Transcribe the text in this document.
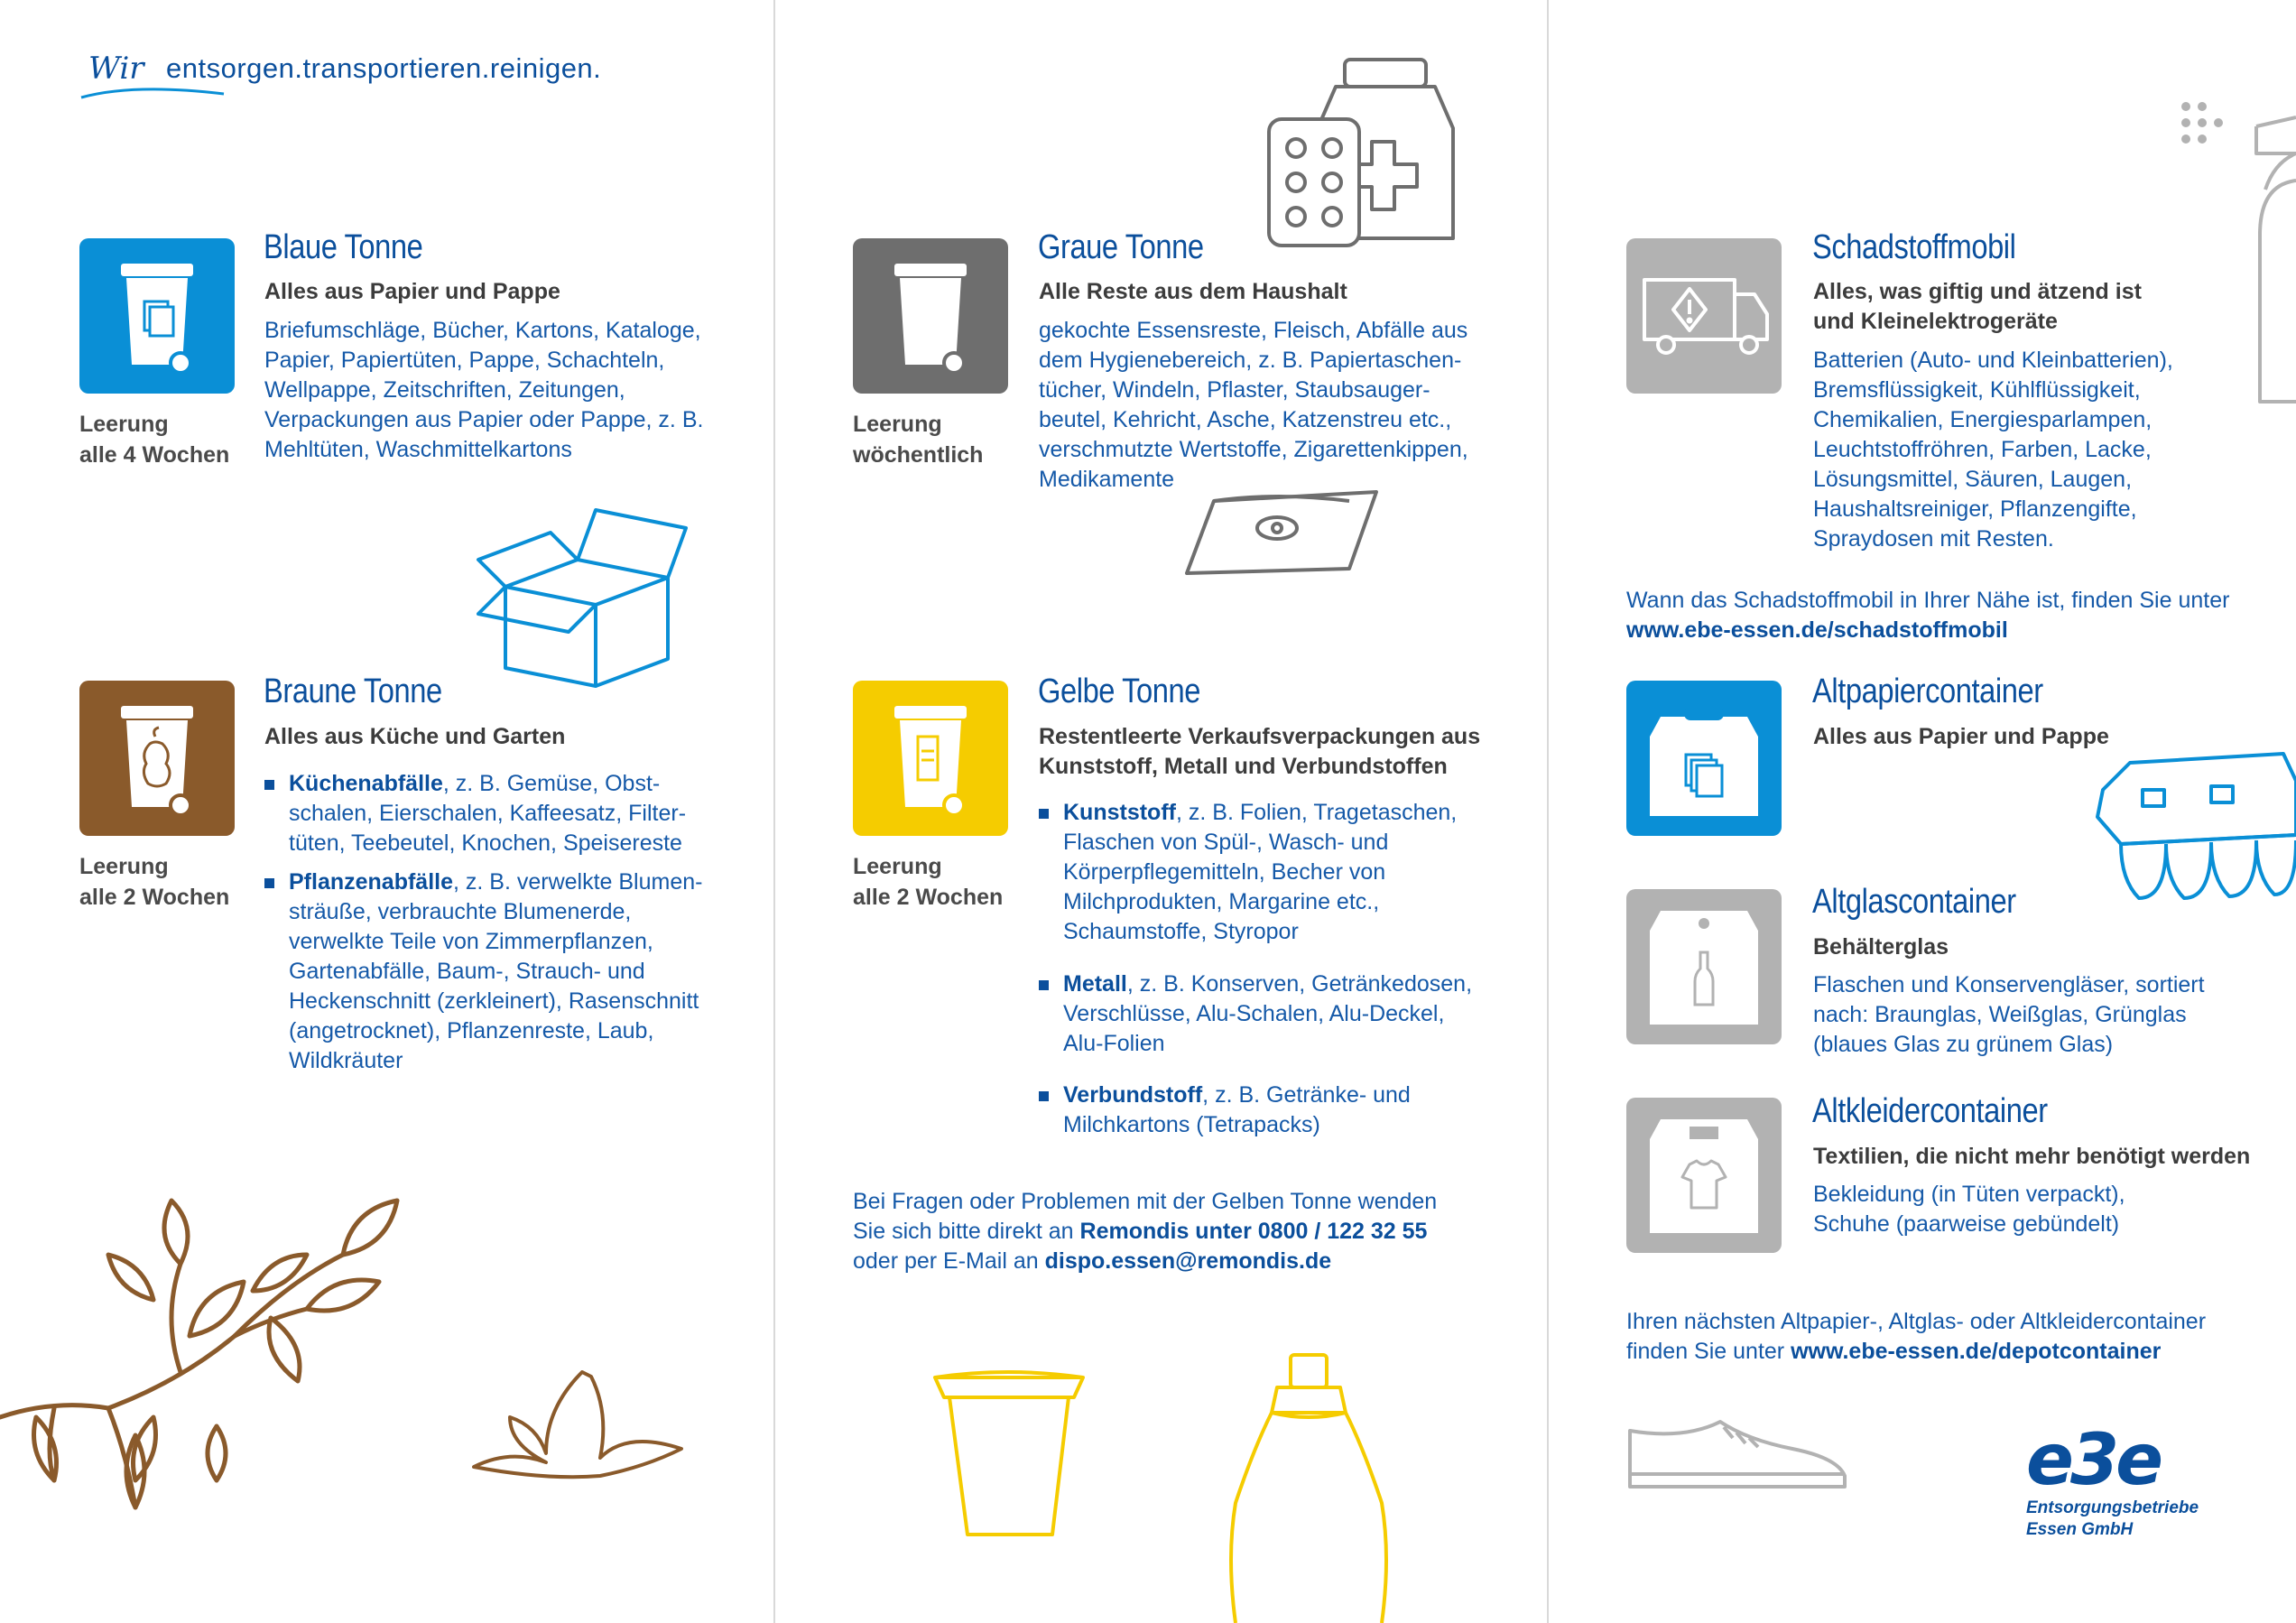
Wir entsorgen.transportieren.reinigen.
Leerung
alle 4 Wochen
Blaue Tonne
Alles aus Papier und Pappe
Briefumschläge, Bücher, Kartons, Kataloge, Papier, Papiertüten, Pappe, Schachteln, Wellpappe, Zeitschriften, Zeitungen, Verpackungen aus Papier oder Pappe, z. B. Mehltüten, Waschmittelkartons
Leerung
alle 2 Wochen
Braune Tonne
Alles aus Küche und Garten
Küchenabfälle, z. B. Gemüse, Obst-schalen, Eierschalen, Kaffeesatz, Filter-tüten, Teebeutel, Knochen, Speisereste
Pflanzenabfälle, z. B. verwelkte Blumen-sträuße, verbrauchte Blumenerde, verwelkte Teile von Zimmerpflanzen, Gartenabfälle, Baum-, Strauch- und Heckenschnitt (zerkleinert), Rasenschnitt (angetrocknet), Pflanzenreste, Laub, Wildkräuter
Leerung
wöchentlich
Graue Tonne
Alle Reste aus dem Haushalt
gekochte Essensreste, Fleisch, Abfälle aus dem Hygienebereich, z. B. Papiertaschen-tücher, Windeln, Pflaster, Staubsauger-beutel, Kehricht, Asche, Katzenstreu etc., verschmutzte Wertstoffe, Zigarettenkippen, Medikamente
Leerung
alle 2 Wochen
Gelbe Tonne
Restentleerte Verkaufsverpackungen aus Kunststoff, Metall und Verbundstoffen
Kunststoff, z. B. Folien, Tragetaschen, Flaschen von Spül-, Wasch- und Körperpflegemitteln, Becher von Milchprodukten, Margarine etc., Schaumstoffe, Styropor
Metall, z. B. Konserven, Getränkedosen, Verschlüsse, Alu-Schalen, Alu-Deckel, Alu-Folien
Verbundstoff, z. B. Getränke- und Milchkartons (Tetrapacks)
Bei Fragen oder Problemen mit der Gelben Tonne wenden Sie sich bitte direkt an Remondis unter 0800 / 122 32 55 oder per E-Mail an dispo.essen@remondis.de
Schadstoffmobil
Alles, was giftig und ätzend ist und Kleinelektrogeräte
Batterien (Auto- und Kleinbatterien), Bremsflüssigkeit, Kühlflüssigkeit, Chemikalien, Energiesparlampen, Leuchtstoffröhren, Farben, Lacke, Lösungsmittel, Säuren, Laugen, Haushaltsreiniger, Pflanzengifte, Spraydosen mit Resten.
Wann das Schadstoffmobil in Ihrer Nähe ist, finden Sie unter www.ebe-essen.de/schadstoffmobil
Altpapiercontainer
Alles aus Papier und Pappe
Altglascontainer
Behälterglas
Flaschen und Konservengläser, sortiert nach: Braunglas, Weißglas, Grünglas (blaues Glas zu grünem Glas)
Altkleidercontainer
Textilien, die nicht mehr benötigt werden
Bekleidung (in Tüten verpackt), Schuhe (paarweise gebündelt)
Ihren nächsten Altpapier-, Altglas- oder Altkleidercontainer finden Sie unter www.ebe-essen.de/depotcontainer
e3e
Entsorgungsbetriebe
Essen GmbH
